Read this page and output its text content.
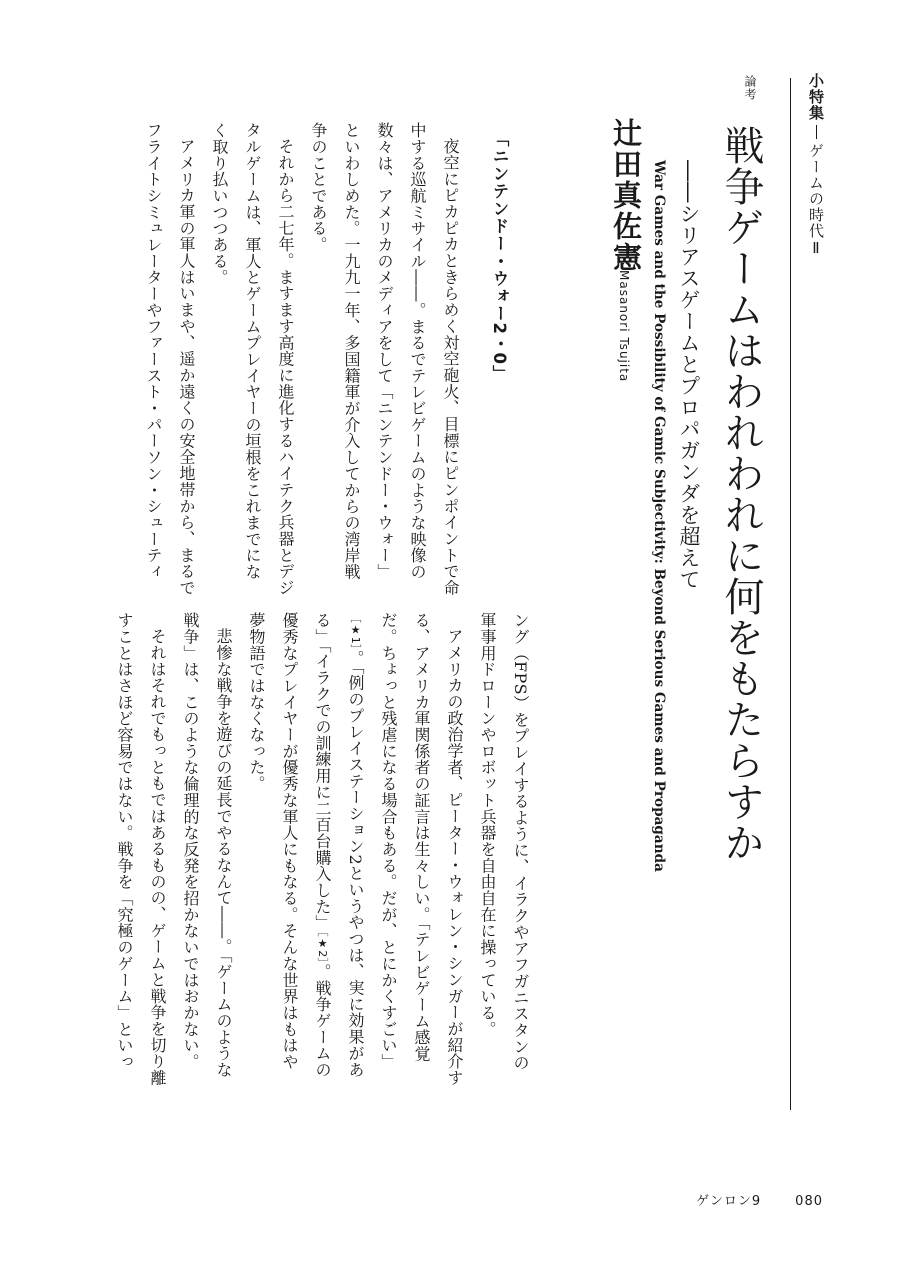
小特集ゲームの時代Ⅱ
論考
戦争ゲームはわれわれに何をもたらすか
――シリアスゲームとプロパガンダを超えて
War Games and the Possibility of Gamic Subjectivity: Beyond Serious Games and Propaganda
辻田真佐憲
Masanori Tsujita
「ニンテンドー・ウォー2・0」

夜空にピカピカときらめく対空砲火、目標にピンポイントで命中する巡航ミサイル――。まるでテレビゲームのような映像の数々は、アメリカのメディアをして「ニンテンドー・ウォー」といわしめた。一九九一年、多国籍軍が介入してからの湾岸戦争のことである。

それから二七年。ますます高度に進化するハイテク兵器とデジタルゲームは、軍人とゲームプレイヤーの垣根をこれまでになく取り払いつつある。

アメリカ軍の軍人はいまや、遥か遠くの安全地帯から、まるでフライトシミュレーターやファースト・パーソン・シューティ

ング（FPS）をプレイするように、イラクやアフガニスタンの軍事用ドローンやロボット兵器を自由自在に操っている。

アメリカの政治学者、ピーター・ウォレン・シンガーが紹介する、アメリカ軍関係者の証言は生々しい。「テレビゲーム感覚だ。ちょっと残虐になる場合もある。だが、とにかくすごい」［★1］。「例のプレイステーション2というやつは、実に効果がある」「イラクでの訓練用に二百台購入した」［★2］。戦争ゲームの優秀なプレイヤーが優秀な軍人にもなる。そんな世界はもはや夢物語ではなくなった。

悲惨な戦争を遊びの延長でやるなんて――。「ゲームのような戦争」は、このような倫理的な反発を招かないではおかない。

それはそれでもっともではあるものの、ゲームと戦争を切り離すことはさほど容易ではない。戦争を「究極のゲーム」といっ

ゲンロン9	080
